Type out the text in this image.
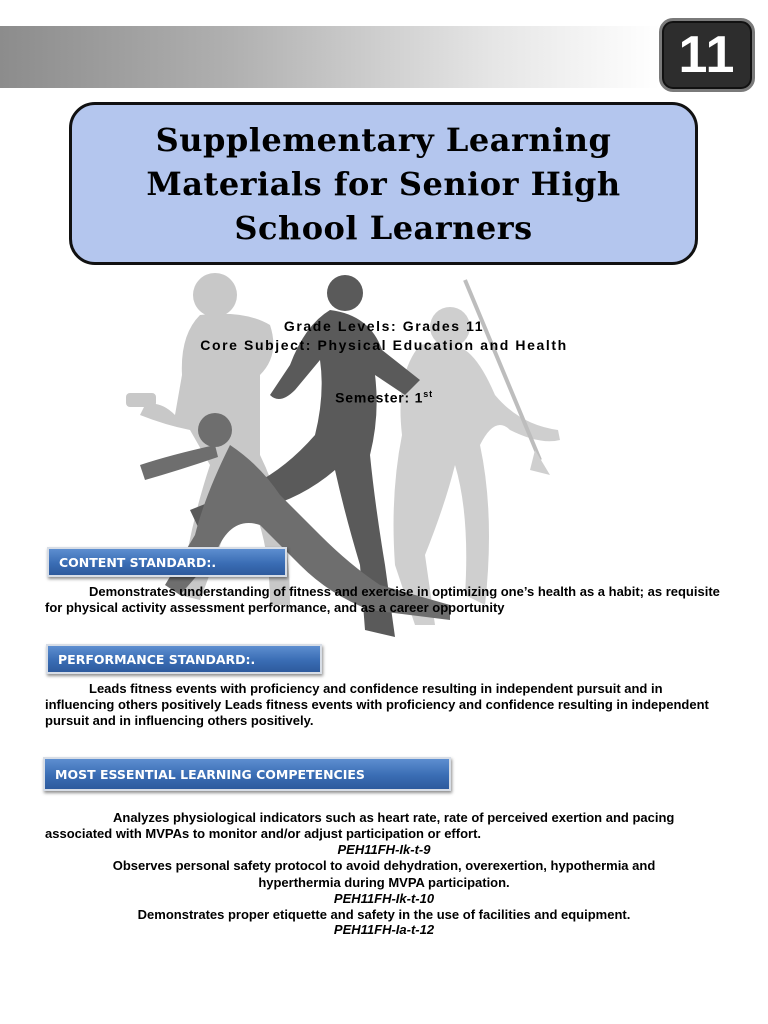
11
Supplementary Learning Materials for Senior High School Learners
Grade Levels: Grades 11
Core Subject: Physical Education and Health
Semester: 1st
CONTENT STANDARD:.
Demonstrates understanding of fitness and exercise in optimizing one’s health as a habit; as requisite for physical activity assessment performance, and as a career opportunity
PERFORMANCE STANDARD:.
Leads fitness events with proficiency and confidence resulting in independent pursuit and in influencing others positively Leads fitness events with proficiency and confidence resulting in independent pursuit and in influencing others positively.
MOST ESSENTIAL LEARNING COMPETENCIES
Analyzes physiological indicators such as heart rate, rate of perceived exertion and pacing associated with MVPAs to monitor and/or adjust participation or effort.
PEH11FH-Ik-t-9
Observes personal safety protocol to avoid dehydration, overexertion, hypothermia and
hyperthermia during MVPA participation.
PEH11FH-Ik-t-10
Demonstrates proper etiquette and safety in the use of facilities and equipment.
PEH11FH-Ia-t-12
